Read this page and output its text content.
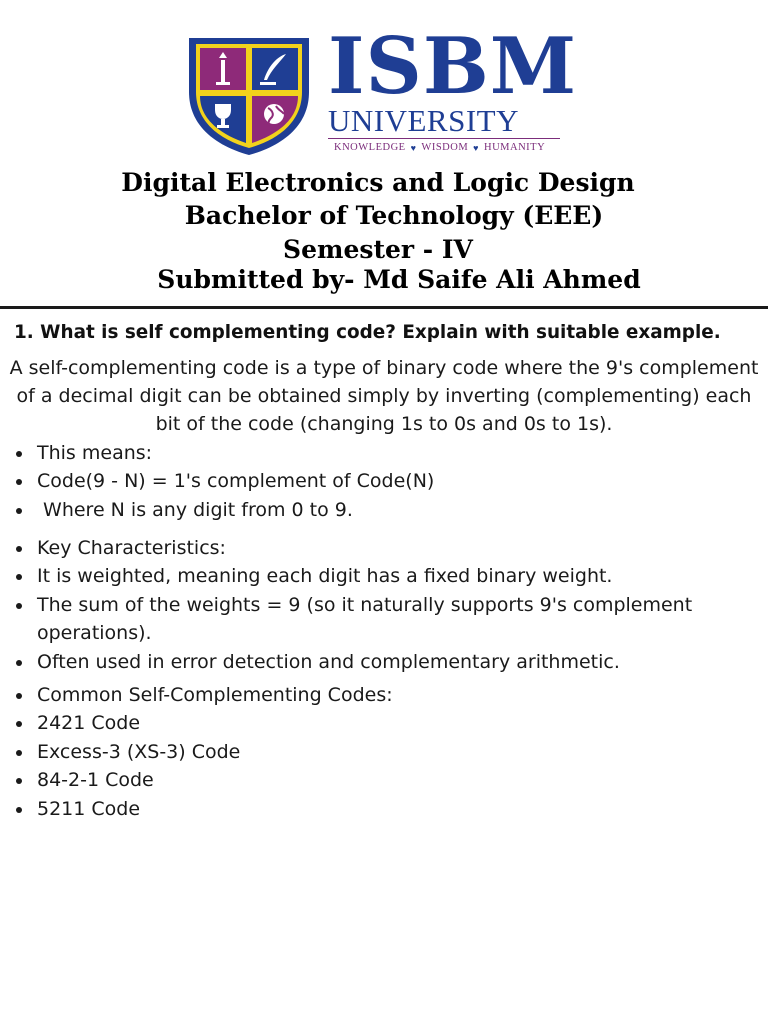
ISBM
UNIVERSITY
KNOWLEDGE ♥ WISDOM ♥ HUMANITY
Digital Electronics and Logic Design
Bachelor of Technology (EEE)
Semester - IV
Submitted by- Md Saife Ali Ahmed
1. What is self complementing code? Explain with suitable example.
A self-complementing code is a type of binary code where the 9's complement of a decimal digit can be obtained simply by inverting (complementing) each bit of the code (changing 1s to 0s and 0s to 1s).
This means:
Code(9 - N) = 1's complement of Code(N)
Where N is any digit from 0 to 9.
Key Characteristics:
It is weighted, meaning each digit has a fixed binary weight.
The sum of the weights = 9 (so it naturally supports 9's complement operations).
Often used in error detection and complementary arithmetic.
Common Self-Complementing Codes:
2421 Code
Excess-3 (XS-3) Code
84-2-1 Code
5211 Code
